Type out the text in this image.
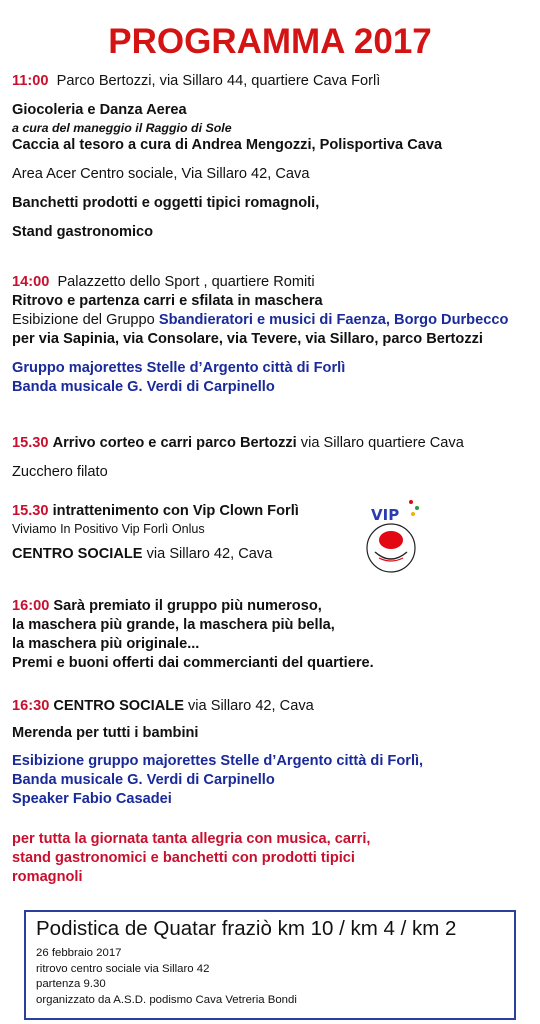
PROGRAMMA 2017
11:00 Parco Bertozzi, via Sillaro 44, quartiere Cava Forlì
Giocoleria e Danza Aerea
a cura del maneggio il Raggio di Sole
Caccia al tesoro a cura di Andrea Mengozzi, Polisportiva Cava
Area Acer Centro sociale, Via Sillaro 42, Cava
Banchetti prodotti e oggetti tipici romagnoli,
Stand gastronomico
14:00 Palazzetto dello Sport , quartiere Romiti
Ritrovo e partenza carri e sfilata in maschera
Esibizione del Gruppo Sbandieratori e musici di Faenza, Borgo Durbecco
per via Sapinia, via Consolare, via Tevere, via Sillaro, parco Bertozzi
Gruppo majorettes Stelle d’Argento città di Forlì
Banda musicale G. Verdi di Carpinello
15.30 Arrivo corteo e carri parco Bertozzi via Sillaro quartiere Cava
Zucchero filato
15.30 intrattenimento con Vip Clown Forlì
Viviamo In Positivo Vip Forlì Onlus
CENTRO SOCIALE via Sillaro 42, Cava
VIP
16:00 Sarà premiato il gruppo più numeroso,
la maschera più grande, la maschera più bella,
la maschera più originale...
Premi e buoni offerti dai commercianti del quartiere.
16:30 CENTRO SOCIALE via Sillaro 42, Cava
Merenda per tutti i bambini
Esibizione gruppo majorettes Stelle d’Argento città di Forlì,
Banda musicale G. Verdi di Carpinello
Speaker Fabio Casadei
per tutta la giornata tanta allegria con musica, carri,
stand gastronomici e banchetti con prodotti tipici
romagnoli
Podistica de Quatar fraziò km 10 / km 4 / km 2
26 febbraio 2017
ritrovo centro sociale via Sillaro 42
partenza 9.30
organizzato da A.S.D. podismo Cava Vetreria Bondi
